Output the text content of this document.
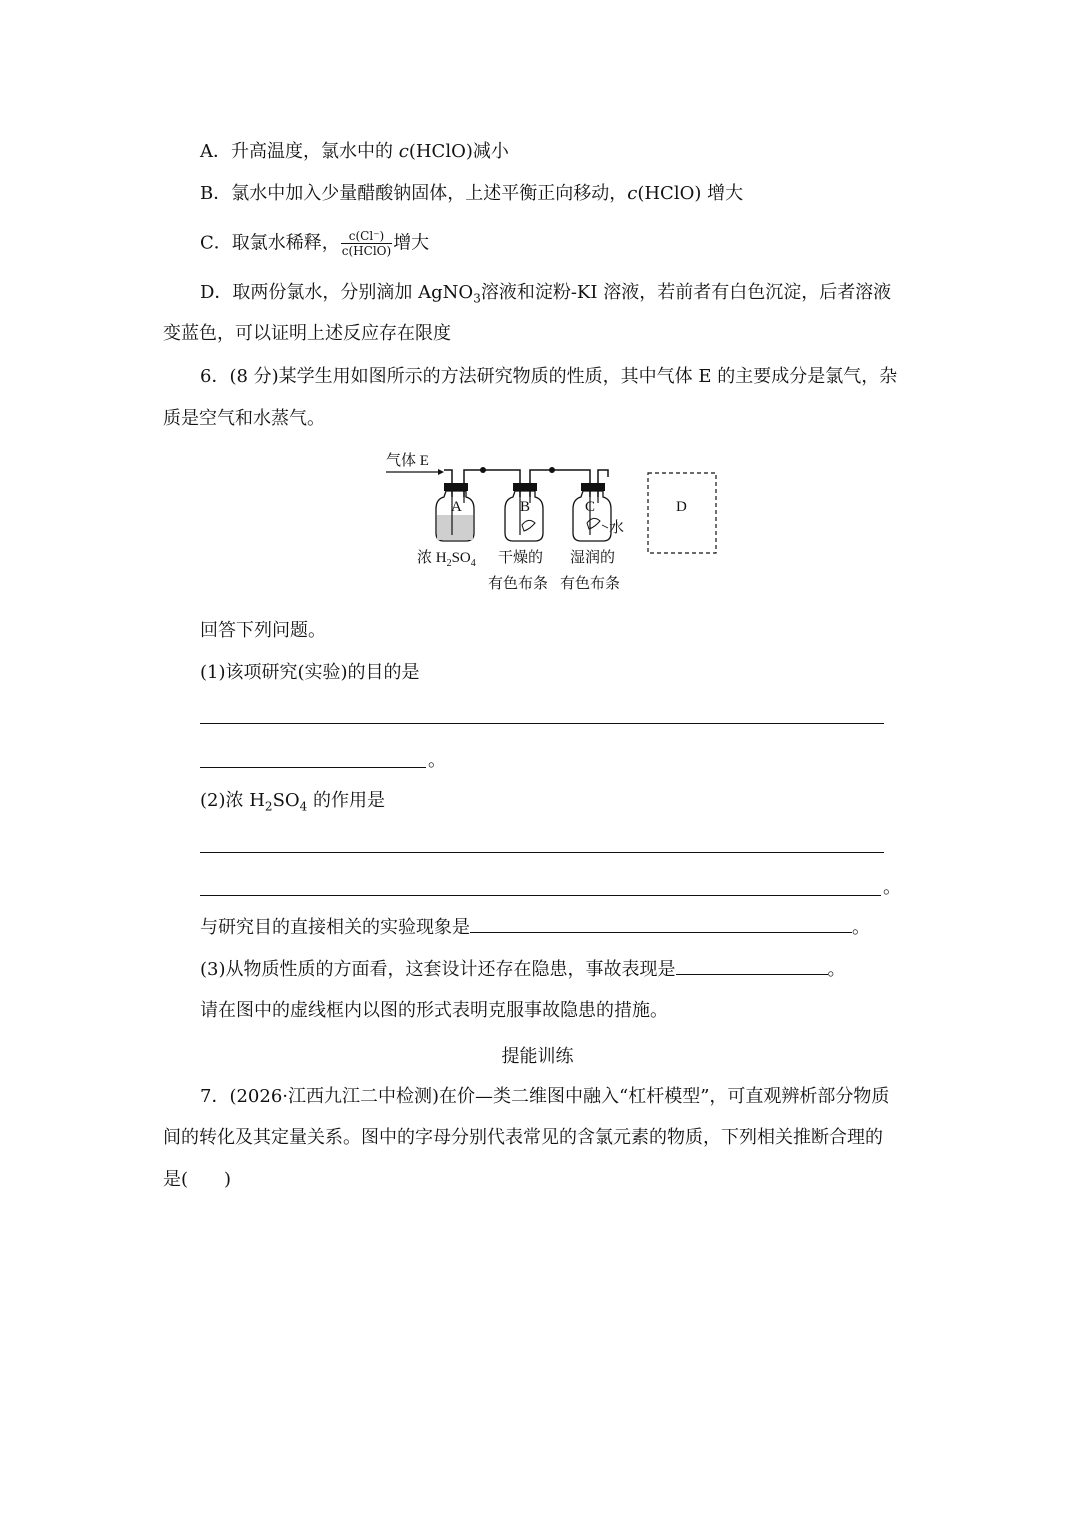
A．升高温度，氯水中的 c(HClO)减小
B．氯水中加入少量醋酸钠固体，上述平衡正向移动，c(HClO) 增大
C．取氯水稀释， $\frac{c(Cl^-)}{\text{c(HClO)}}$ 增大
D．取两份氯水，分别滴加 AgNO$_3$溶液和淀粉-KI 溶液，若前者有白色沉淀，后者溶液
变蓝色，可以证明上述反应存在限度
6．(8 分)某学生用如图所示的方法研究物质的性质，其中气体 E 的主要成分是氯气，杂
质是空气和水蒸气。
气体 E
A	B	C
水
D
浓 $H_2SO_4$ 干燥的
有色布条
湿润的
有色布条
回答下列问题。
(1)该项研究(实验)的目的是
。
(2)浓 $H_2SO_4$ 的作用是
。
与研究目的直接相关的实验现象是	。
(3)从物质性质的方面看，这套设计还存在隐患，事故表现是	。
请在图中的虚线框内以图的形式表明克服事故隐患的措施。
提能训练
7．(2026·江西九江二中检测)在价—类二维图中融入“杠杆模型”，可直观辨析部分物质
间的转化及其定量关系。图中的字母分别代表常见的含氯元素的物质，下列相关推断合理的
是(　　)
